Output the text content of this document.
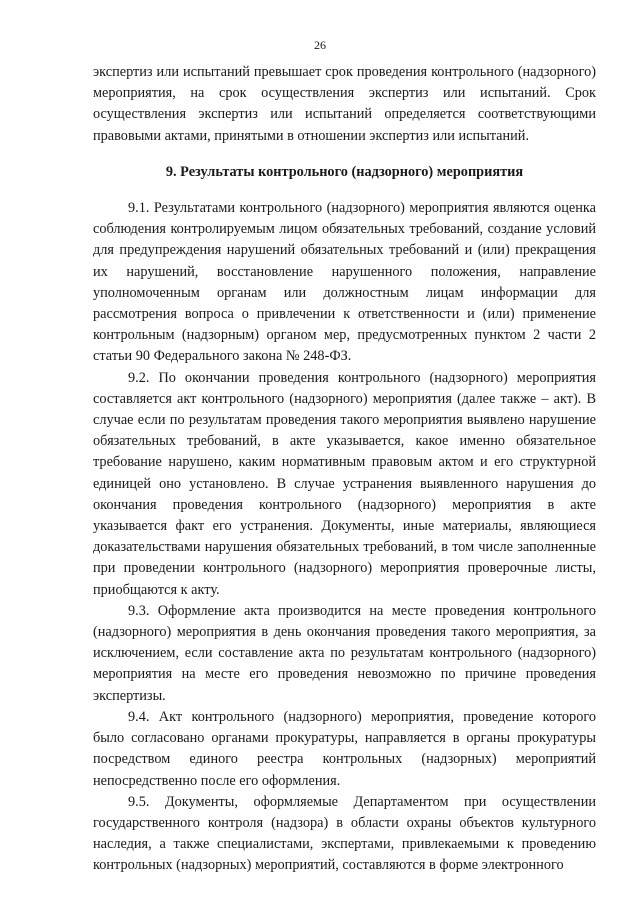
26

экспертиз или испытаний превышает срок проведения контрольного (надзорного) мероприятия, на срок осуществления экспертиз или испытаний. Срок осуществления экспертиз или испытаний определяется соответствующими правовыми актами, принятыми в отношении экспертиз или испытаний.

9. Результаты контрольного (надзорного) мероприятия

9.1. Результатами контрольного (надзорного) мероприятия являются оценка соблюдения контролируемым лицом обязательных требований, создание условий для предупреждения нарушений обязательных требований и (или) прекращения их нарушений, восстановление нарушенного положения, направление уполномоченным органам или должностным лицам информации для рассмотрения вопроса о привлечении к ответственности и (или) применение контрольным (надзорным) органом мер, предусмотренных пунктом 2 части 2 статьи 90 Федерального закона № 248-ФЗ.

9.2. По окончании проведения контрольного (надзорного) мероприятия составляется акт контрольного (надзорного) мероприятия (далее также – акт). В случае если по результатам проведения такого мероприятия выявлено нарушение обязательных требований, в акте указывается, какое именно обязательное требование нарушено, каким нормативным правовым актом и его структурной единицей оно установлено. В случае устранения выявленного нарушения до окончания проведения контрольного (надзорного) мероприятия в акте указывается факт его устранения. Документы, иные материалы, являющиеся доказательствами нарушения обязательных требований, в том числе заполненные при проведении контрольного (надзорного) мероприятия проверочные листы, приобщаются к акту.

9.3. Оформление акта производится на месте проведения контрольного (надзорного) мероприятия в день окончания проведения такого мероприятия, за исключением, если составление акта по результатам контрольного (надзорного) мероприятия на месте его проведения невозможно по причине проведения экспертизы.

9.4. Акт контрольного (надзорного) мероприятия, проведение которого было согласовано органами прокуратуры, направляется в органы прокуратуры посредством единого реестра контрольных (надзорных) мероприятий непосредственно после его оформления.

9.5. Документы, оформляемые Департаментом при осуществлении государственного контроля (надзора) в области охраны объектов культурного наследия, а также специалистами, экспертами, привлекаемыми к проведению контрольных (надзорных) мероприятий, составляются в форме электронного
